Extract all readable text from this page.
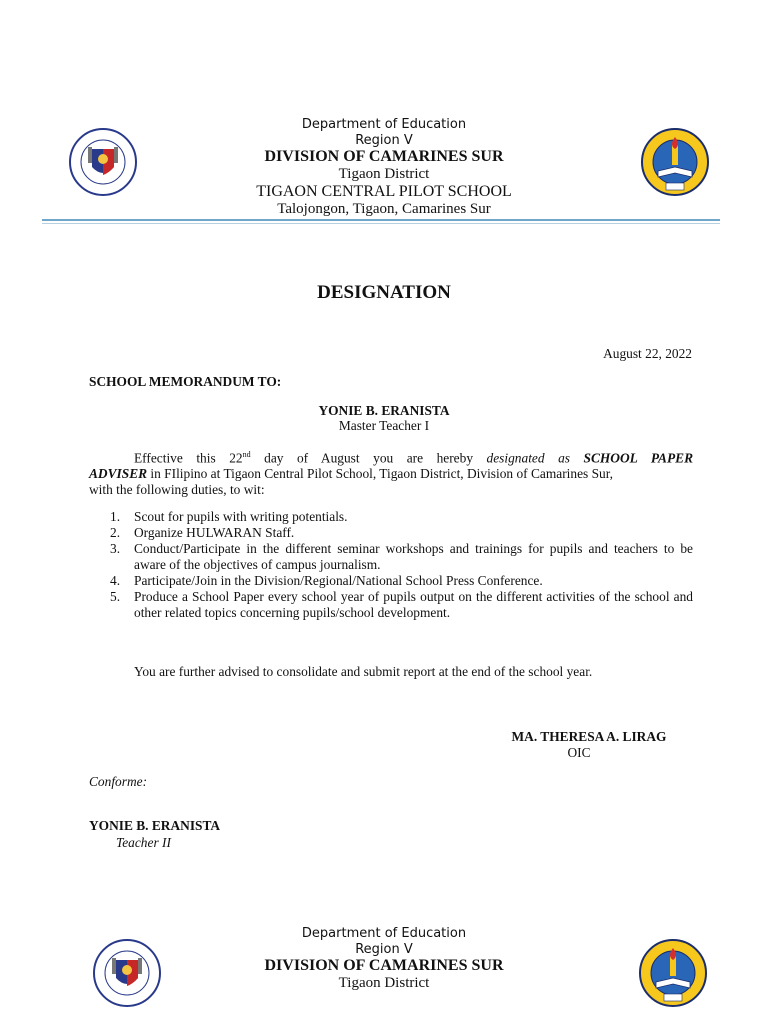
Department of Education
Region V
DIVISION OF CAMARINES SUR
Tigaon District
TIGAON CENTRAL PILOT SCHOOL
Talojongon, Tigaon, Camarines Sur
DESIGNATION
August 22, 2022
SCHOOL MEMORANDUM TO:
YONIE B. ERANISTA
Master Teacher I
Effective this 22nd day of August you are hereby designated as SCHOOL PAPER
ADVISER in FIlipino at Tigaon Central Pilot School, Tigaon District, Division of Camarines Sur,
with the following duties, to wit:
1. Scout for pupils with writing potentials.
2. Organize HULWARAN Staff.
3. Conduct/Participate in the different seminar workshops and trainings for pupils and teachers to be aware of the objectives of campus journalism.
4. Participate/Join in the Division/Regional/National School Press Conference.
5. Produce a School Paper every school year of pupils output on the different activities of the school and other related topics concerning pupils/school development.
You are further advised to consolidate and submit report at the end of the school year.
MA. THERESA A. LIRAG
OIC
Conforme:
YONIE B. ERANISTA
Teacher II
Department of Education
Region V
DIVISION OF CAMARINES SUR
Tigaon District
